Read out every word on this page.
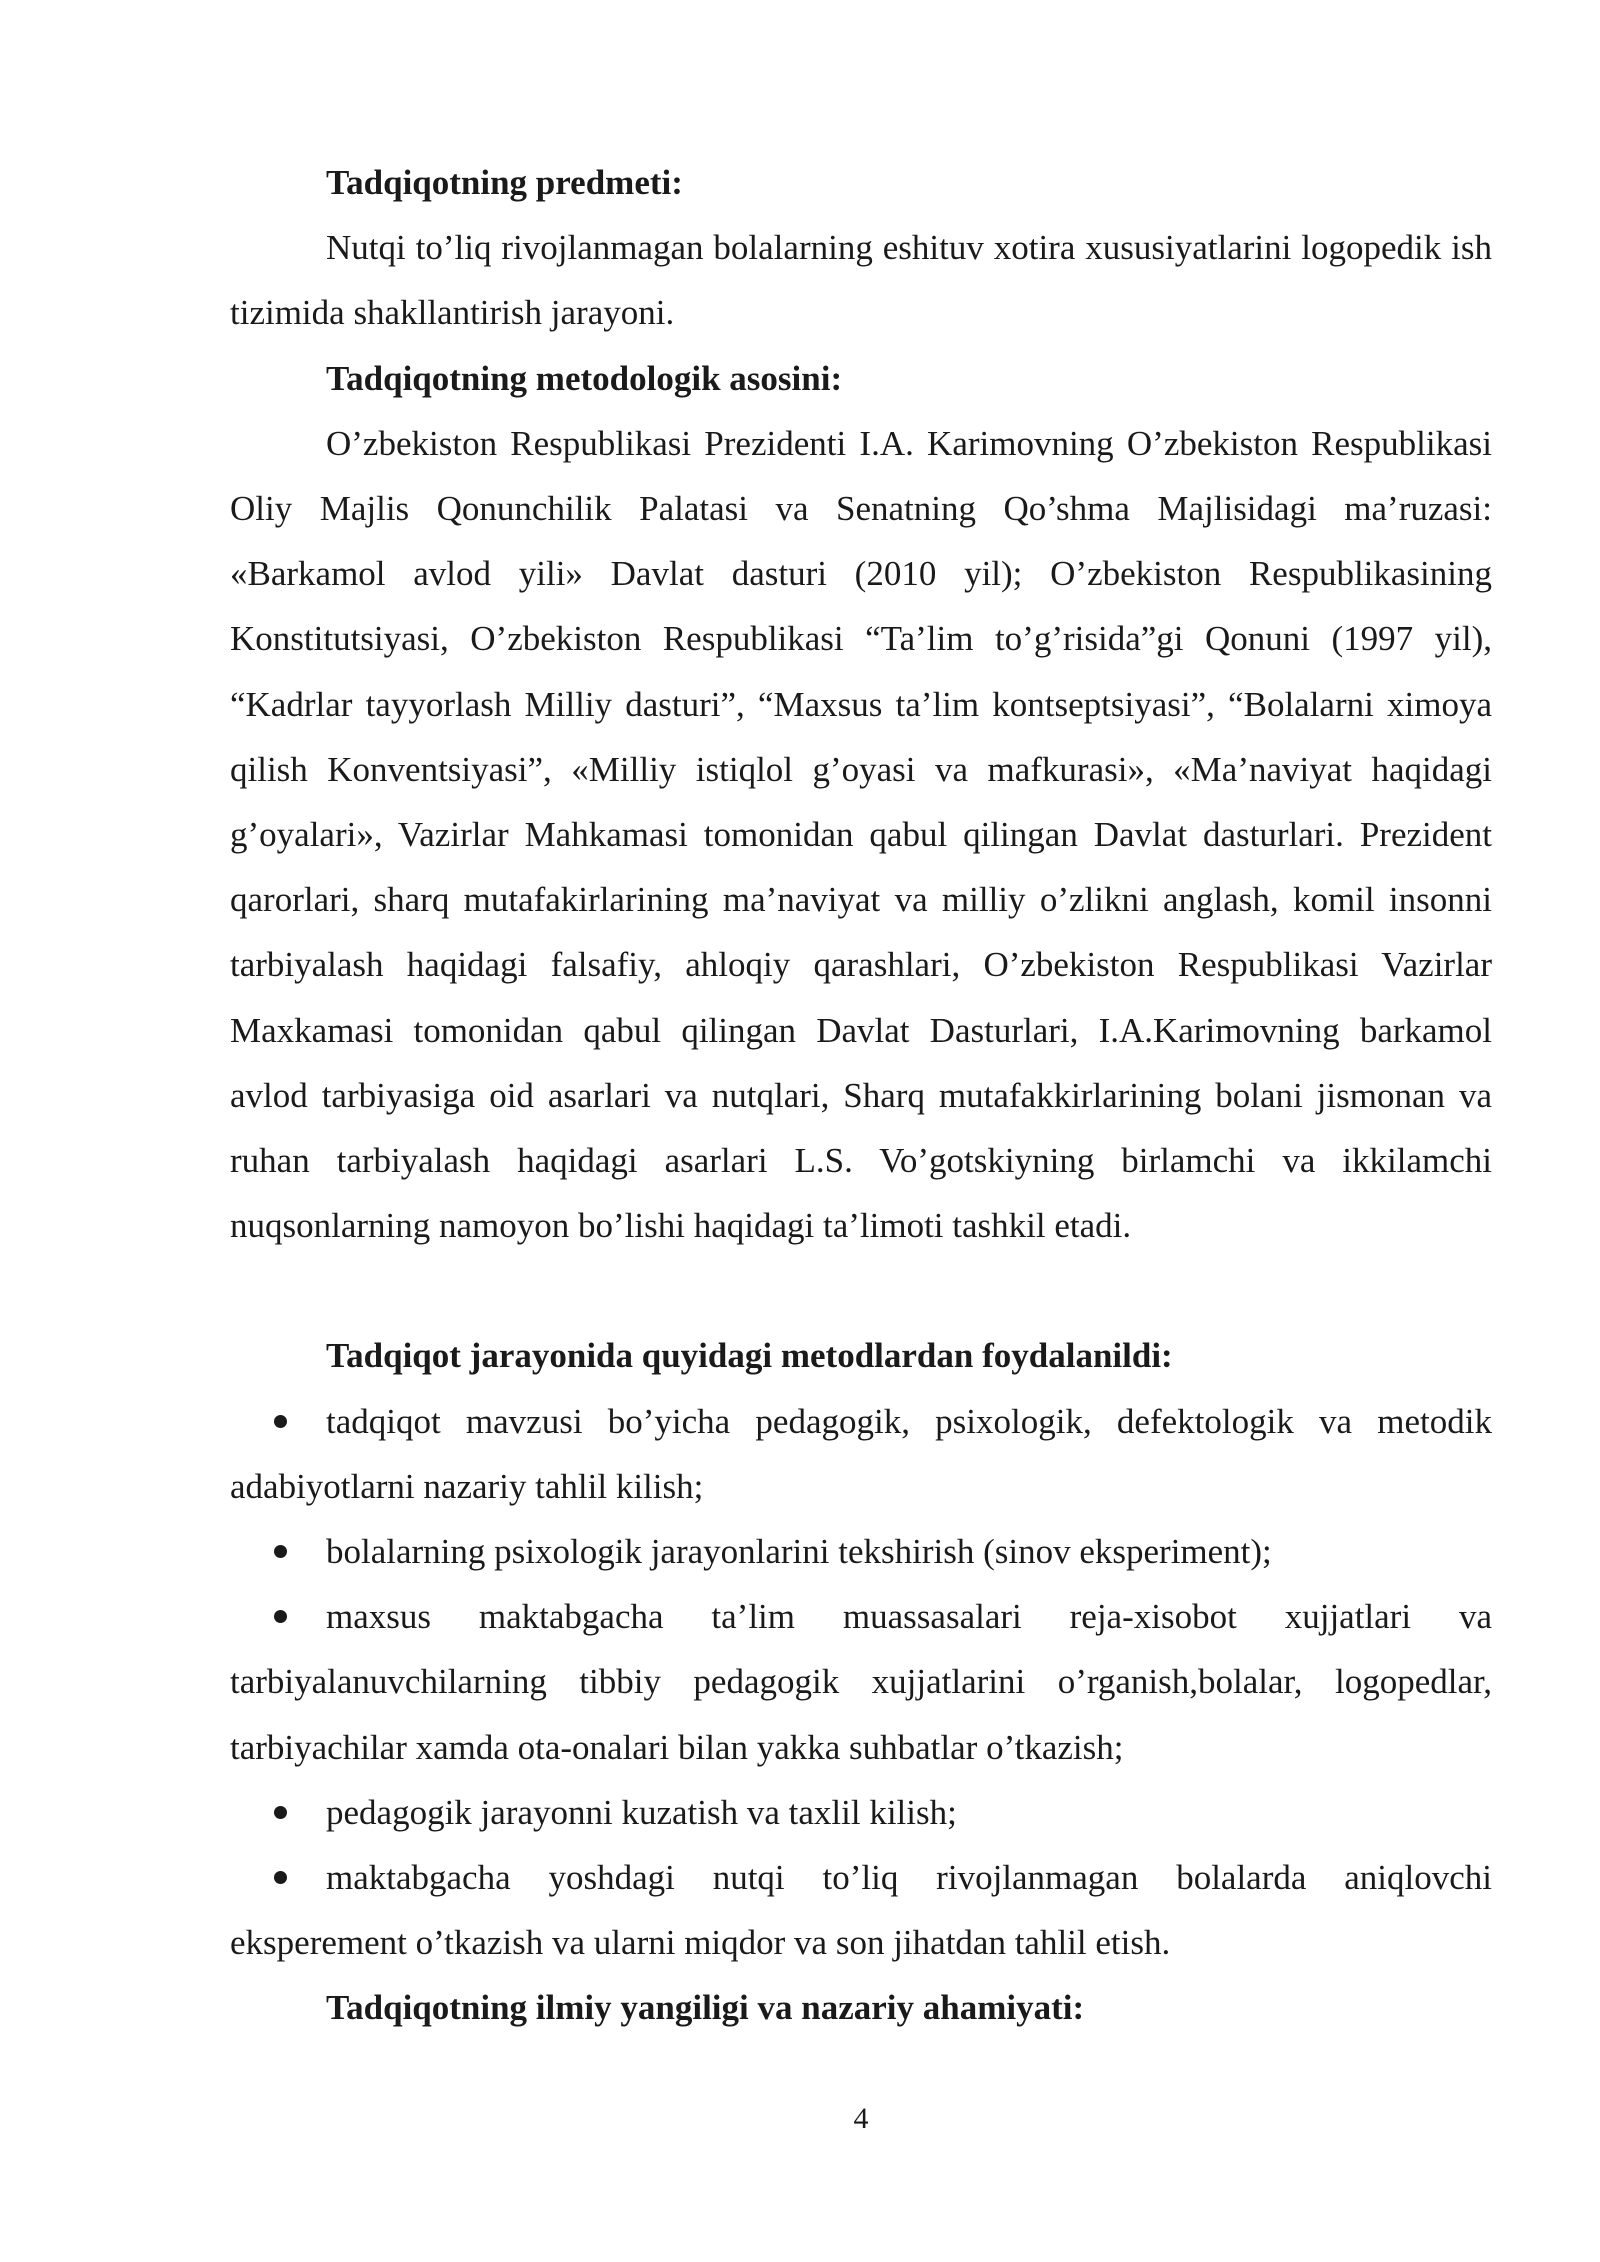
Tadqiqotning predmeti:

Nutqi to’liq rivojlanmagan bolalarning eshituv xotira xususiyatlarini logopedik ish tizimida shakllantirish jarayoni.

Tadqiqotning metodologik asosini:

O’zbekiston Respublikasi Prezidenti I.A. Karimovning O’zbekiston Respublikasi Oliy Majlis Qonunchilik Palatasi va Senatning Qo’shma Majlisidagi ma’ruzasi: «Barkamol avlod yili» Davlat dasturi (2010 yil); O’zbekiston Respublikasining Konstitutsiyasi, O’zbekiston Respublikasi “Ta’lim to’g’risida”gi Qonuni (1997 yil), “Kadrlar tayyorlash Milliy dasturi”, “Maxsus ta’lim kontseptsiyasi”, “Bolalarni ximoya qilish Konventsiyasi”, «Milliy istiqlol g’oyasi va mafkurasi», «Ma’naviyat haqidagi g’oyalari», Vazirlar Mahkamasi tomonidan qabul qilingan Davlat dasturlari. Prezident qarorlari, sharq mutafakirlarining ma’naviyat va milliy o’zlikni anglash, komil insonni tarbiyalash haqidagi falsafiy, ahloqiy qarashlari, O’zbekiston Respublikasi Vazirlar Maxkamasi tomonidan qabul qilingan Davlat Dasturlari, I.A.Karimovning barkamol avlod tarbiyasiga oid asarlari va nutqlari, Sharq mutafakkirlarining bolani jismonan va ruhan tarbiyalash haqidagi asarlari L.S. Vo’gotskiyning birlamchi va ikkilamchi nuqsonlarning namoyon bo’lishi haqidagi ta’limoti tashkil etadi.

Tadqiqot jarayonida quyidagi metodlardan foydalanildi:

tadqiqot mavzusi bo’yicha pedagogik, psixologik, defektologik va metodik adabiyotlarni nazariy tahlil kilish;

bolalarning psixologik jarayonlarini tekshirish (sinov eksperiment);

maxsus maktabgacha ta’lim muassasalari reja-xisobot xujjatlari va tarbiyalanuvchilarning tibbiy pedagogik xujjatlarini o’rganish,bolalar, logopedlar, tarbiyachilar xamda ota-onalari bilan yakka suhbatlar o’tkazish;

pedagogik jarayonni kuzatish va taxlil kilish;

maktabgacha yoshdagi nutqi to’liq rivojlanmagan bolalarda aniqlovchi eksperement o’tkazish va ularni miqdor va son jihatdan tahlil etish.

Tadqiqotning ilmiy yangiligi va nazariy ahamiyati:

4
